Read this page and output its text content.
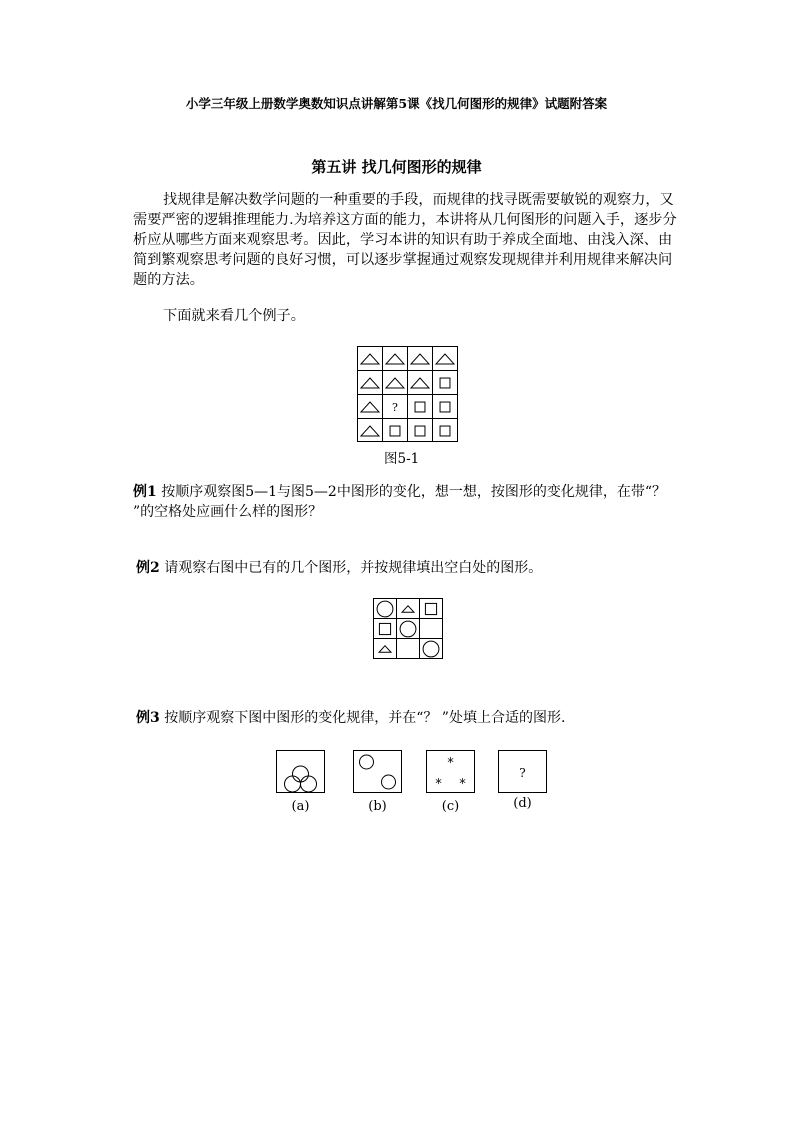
小学三年级上册数学奥数知识点讲解第5课《找几何图形的规律》试题附答案
第五讲 找几何图形的规律

找规律是解决数学问题的一种重要的手段，而规律的找寻既需要敏锐的观察力，又需要严密的逻辑推理能力.为培养这方面的能力，本讲将从几何图形的问题入手，逐步分析应从哪些方面来观察思考。因此，学习本讲的知识有助于养成全面地、由浅入深、由简到繁观察思考问题的良好习惯，可以逐步掌握通过观察发现规律并利用规律来解决问题的方法。

下面就来看几个例子。
?
图5-1
例1 按顺序观察图5—1与图5—2中图形的变化，想一想，按图形的变化规律，在带“？ ”的空格处应画什么样的图形？
例2 请观察右图中已有的几个图形，并按规律填出空白处的图形。
例3 按顺序观察下图中图形的变化规律，并在“？ ”处填上合适的图形.
*
* *
?
(a)	(b)	(c)	(d)
